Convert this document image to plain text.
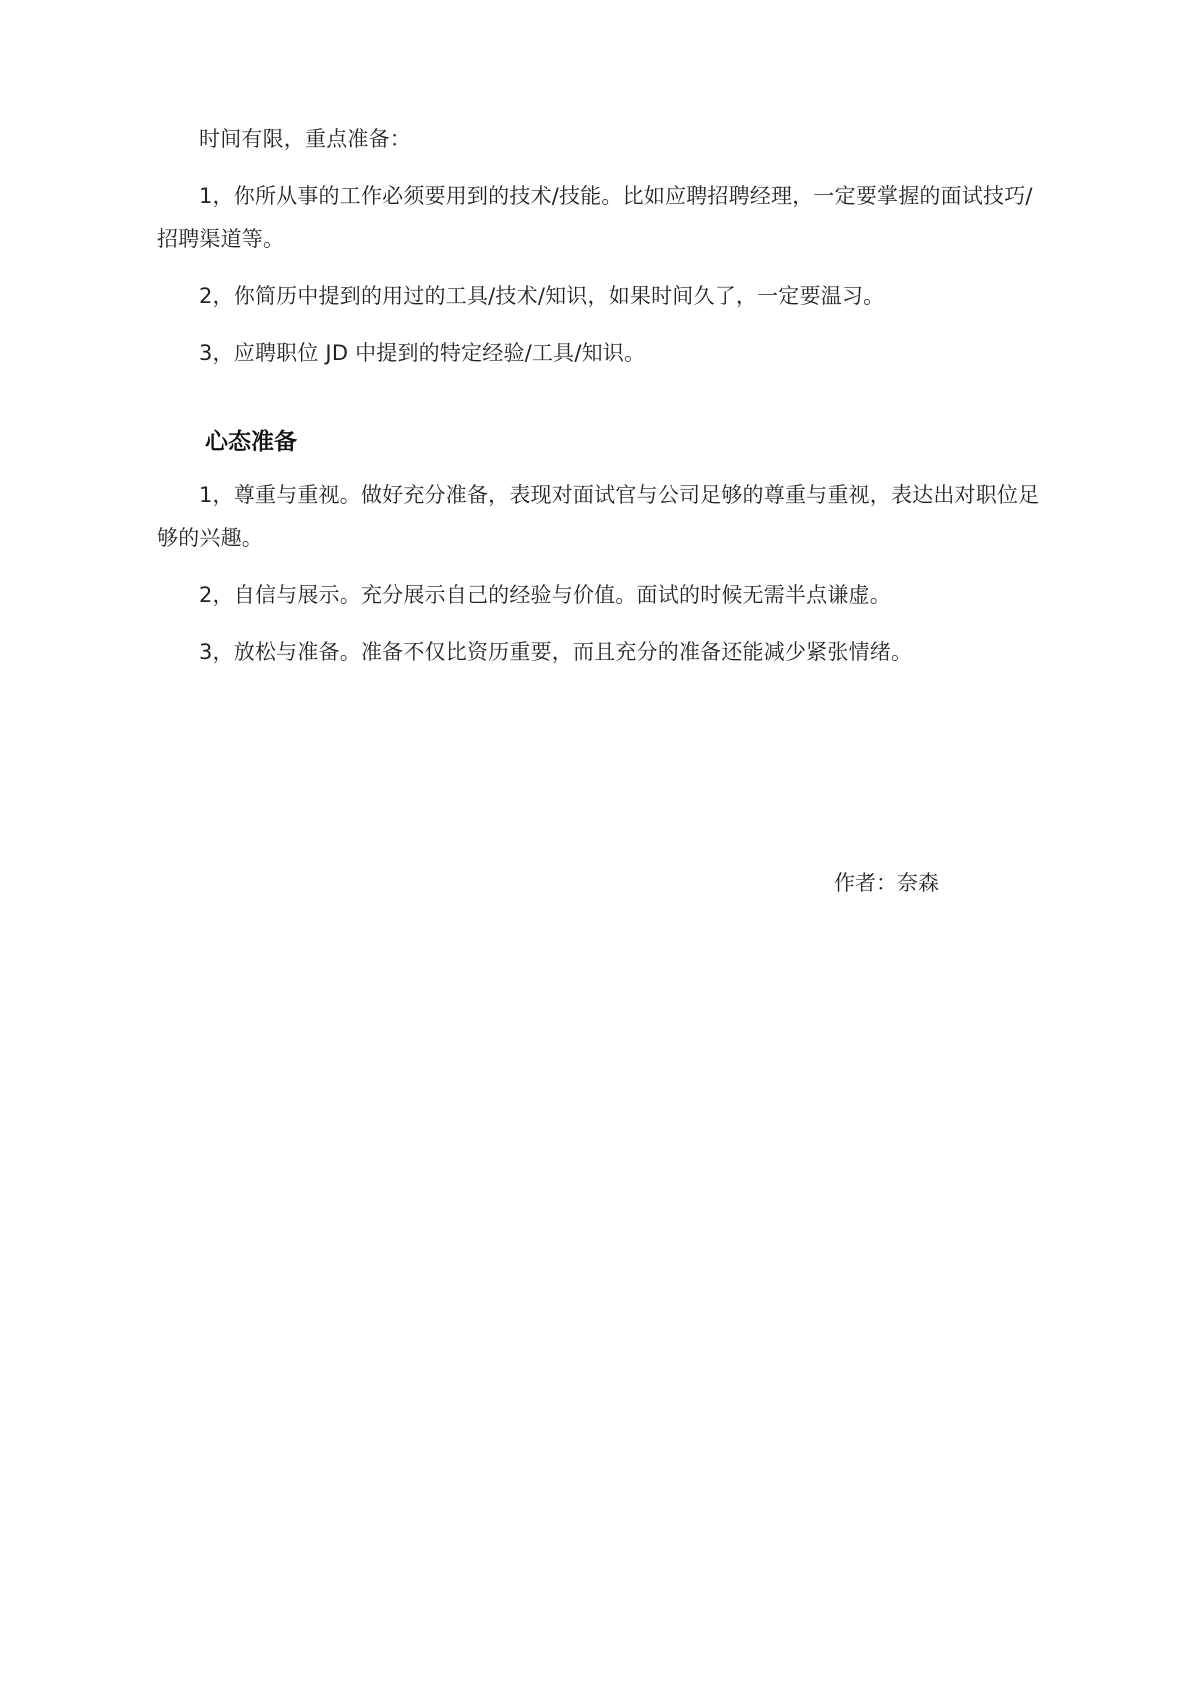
时间有限，重点准备：

1，你所从事的工作必须要用到的技术/技能。比如应聘招聘经理，一定要掌握的面试技巧/招聘渠道等。

2，你简历中提到的用过的工具/技术/知识，如果时间久了，一定要温习。

3，应聘职位 JD 中提到的特定经验/工具/知识。

心态准备

1，尊重与重视。做好充分准备，表现对面试官与公司足够的尊重与重视，表达出对职位足够的兴趣。

2，自信与展示。充分展示自己的经验与价值。面试的时候无需半点谦虚。

3，放松与准备。准备不仅比资历重要，而且充分的准备还能减少紧张情绪。

作者：奈森
